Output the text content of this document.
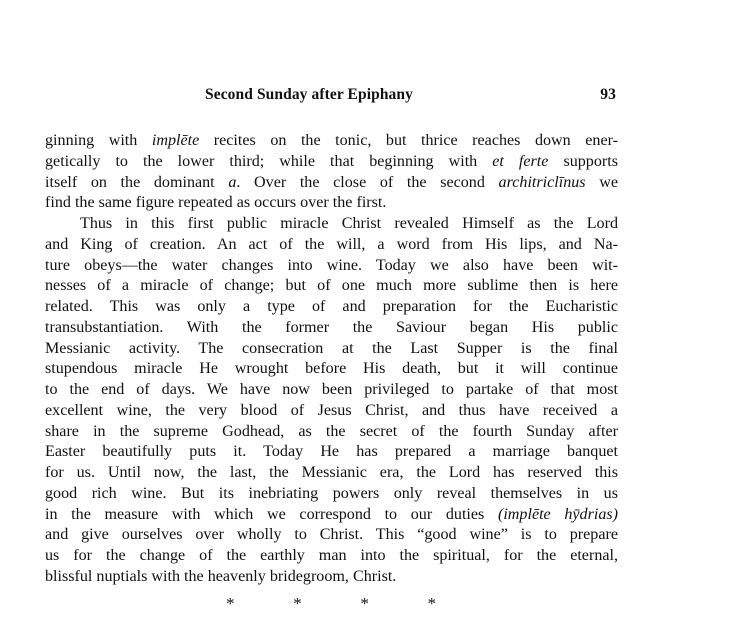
Second Sunday after Epiphany	93
ginning with implēte recites on the tonic, but thrice reaches down ener-
getically to the lower third; while that beginning with et ferte supports
itself on the dominant a. Over the close of the second architriclīnus we
find the same figure repeated as occurs over the first.
Thus in this first public miracle Christ revealed Himself as the Lord
and King of creation. An act of the will, a word from His lips, and Na-
ture obeys—the water changes into wine. Today we also have been wit-
nesses of a miracle of change; but of one much more sublime then is here
related. This was only a type of and preparation for the Eucharistic
transubstantiation. With the former the Saviour began His public
Messianic activity. The consecration at the Last Supper is the final
stupendous miracle He wrought before His death, but it will continue
to the end of days. We have now been privileged to partake of that most
excellent wine, the very blood of Jesus Christ, and thus have received a
share in the supreme Godhead, as the secret of the fourth Sunday after
Easter beautifully puts it. Today He has prepared a marriage banquet
for us. Until now, the last, the Messianic era, the Lord has reserved this
good rich wine. But its inebriating powers only reveal themselves in us
in the measure with which we correspond to our duties (implēte hȳdrias)
and give ourselves over wholly to Christ. This “good wine” is to prepare
us for the change of the earthly man into the spiritual, for the eternal,
blissful nuptials with the heavenly bridegroom, Christ.
*	*	*	*
